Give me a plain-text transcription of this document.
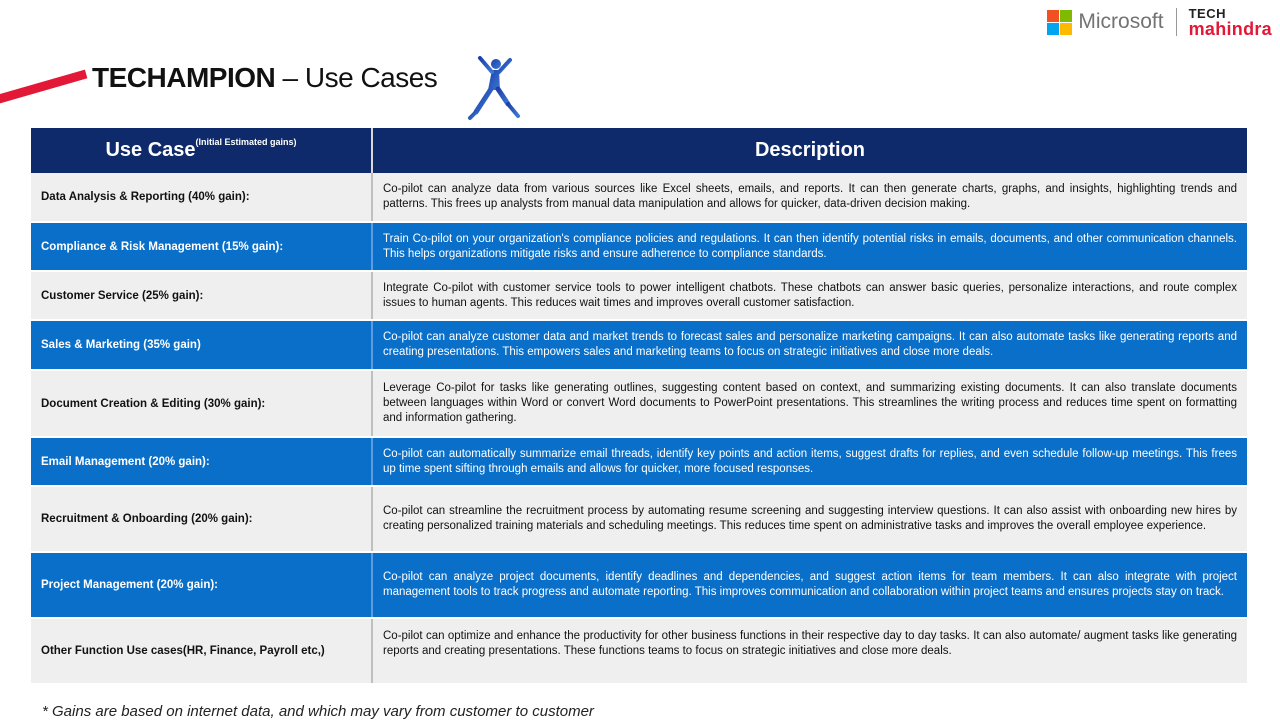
TECHAMPION – Use Cases
Microsoft TECH
mahindra
Use Case$^{(Initial Estimated gains)}$	Description
Data Analysis & Reporting (40% gain):	Co-pilot can analyze data from various sources like Excel sheets, emails, and reports. It can then generate charts, graphs, and insights, highlighting trends and patterns. This frees up analysts from manual data manipulation and allows for quicker, data-driven decision making.
Compliance & Risk Management (15% gain):	Train Co-pilot on your organization's compliance policies and regulations. It can then identify potential risks in emails, documents, and other communication channels. This helps organizations mitigate risks and ensure adherence to compliance standards.
Customer Service (25% gain):	Integrate Co-pilot with customer service tools to power intelligent chatbots. These chatbots can answer basic queries, personalize interactions, and route complex issues to human agents. This reduces wait times and improves overall customer satisfaction.
Sales & Marketing (35% gain)	Co-pilot can analyze customer data and market trends to forecast sales and personalize marketing campaigns. It can also automate tasks like generating reports and creating presentations. This empowers sales and marketing teams to focus on strategic initiatives and close more deals.
Document Creation & Editing (30% gain):	Leverage Co-pilot for tasks like generating outlines, suggesting content based on context, and summarizing existing documents. It can also translate documents between languages within Word or convert Word documents to PowerPoint presentations. This streamlines the writing process and reduces time spent on formatting and information gathering.
Email Management (20% gain):	Co-pilot can automatically summarize email threads, identify key points and action items, suggest drafts for replies, and even schedule follow-up meetings. This frees up time spent sifting through emails and allows for quicker, more focused responses.
Recruitment & Onboarding (20% gain):	Co-pilot can streamline the recruitment process by automating resume screening and suggesting interview questions. It can also assist with onboarding new hires by creating personalized training materials and scheduling meetings. This reduces time spent on administrative tasks and improves the overall employee experience.
Project Management (20% gain):	Co-pilot can analyze project documents, identify deadlines and dependencies, and suggest action items for team members. It can also integrate with project management tools to track progress and automate reporting. This improves communication and collaboration within project teams and ensures projects stay on track.
Other Function Use cases(HR, Finance, Payroll etc,)	Co-pilot can optimize and enhance the productivity for other business functions in their respective day to day tasks. It can also automate/ augment tasks like generating reports and creating presentations. These functions teams to focus on strategic initiatives and close more deals.
* Gains are based on internet data, and which may vary from customer to customer
